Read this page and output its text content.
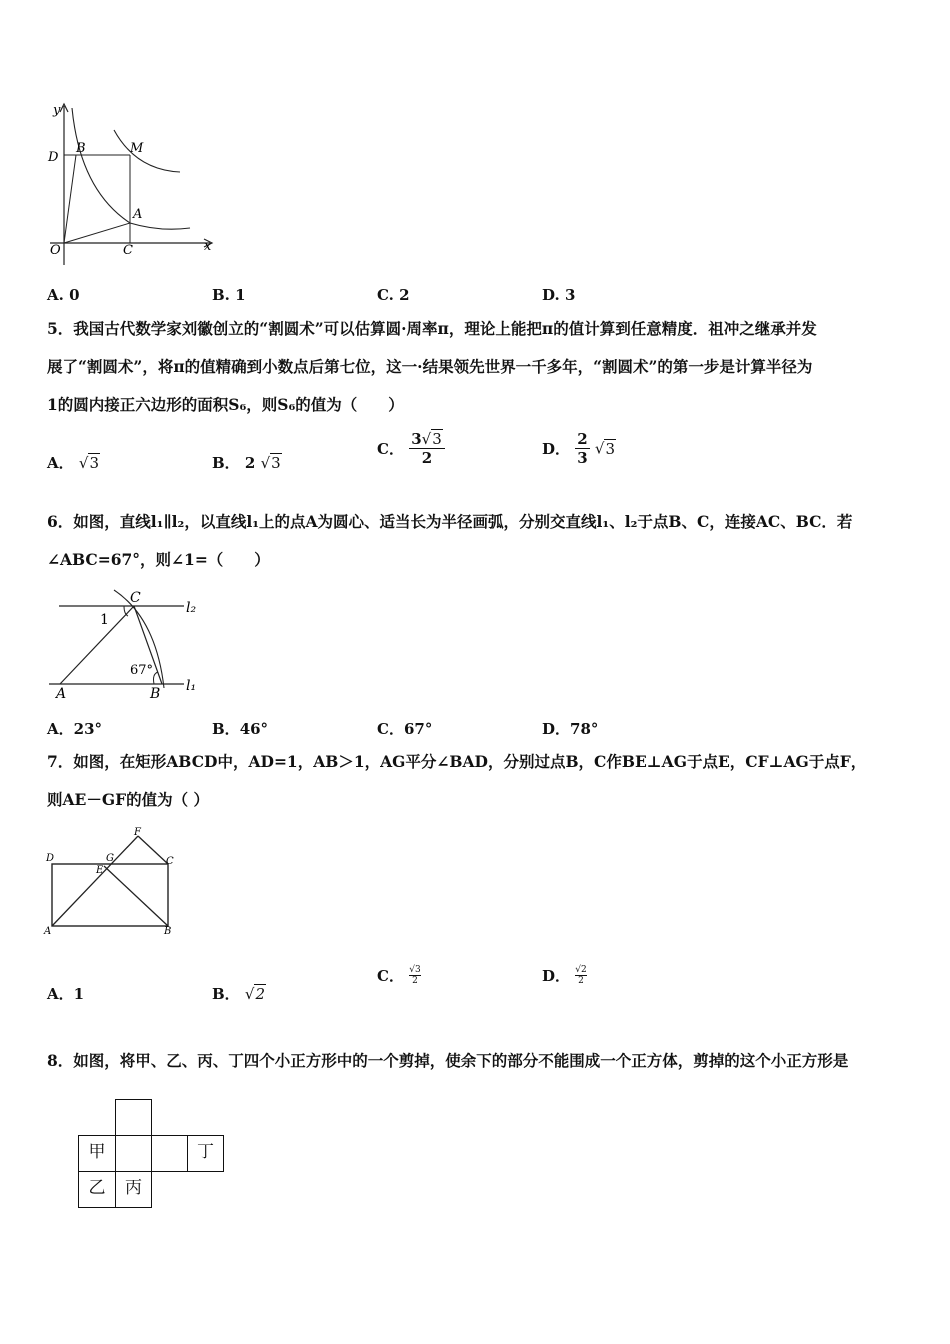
y
x
B	M
D
A
O	C
A. 0	B. 1	C. 2	D. 3
5．我国古代数学家刘徽创立的“割圆术”可以估算圆·周率π，理论上能把π的值计算到任意精度．祖冲之继承并发
展了“割圆术”，将π的值精确到小数点后第七位，这一·结果领先世界一千多年，“割圆术”的第一步是计算半径为
1的圆内接正六边形的面积S₆，则S₆的值为（　　）
A． √3	B． 2 √3
C． $\frac{3√3}{2}$	D． $\frac{2}{3} √3$
6．如图，直线l₁∥l₂，以直线l₁上的点A为圆心、适当长为半径画弧，分别交直线l₁、l₂于点B、C，连接AC、BC．若
∠ABC=67°，则∠1=（　　）
C
l₂
1
67°
A	B l₁
A．23°	B．46°	C．67°	D．78°
7．如图，在矩形ABCD中，AD=1，AB＞1，AG平分∠BAD，分别过点B，C作BE⊥AG于点E，CF⊥AG于点F，
则AE－GF的值为（ ）
F
D	G	C
E
A	B
A．1	B． √2
C． $\frac{√3}{2}$	D． $\frac{√2}{2}$
8．如图，将甲、乙、丙、丁四个小正方形中的一个剪掉，使余下的部分不能围成一个正方体，剪掉的这个小正方形是
甲	丁
乙	丙
